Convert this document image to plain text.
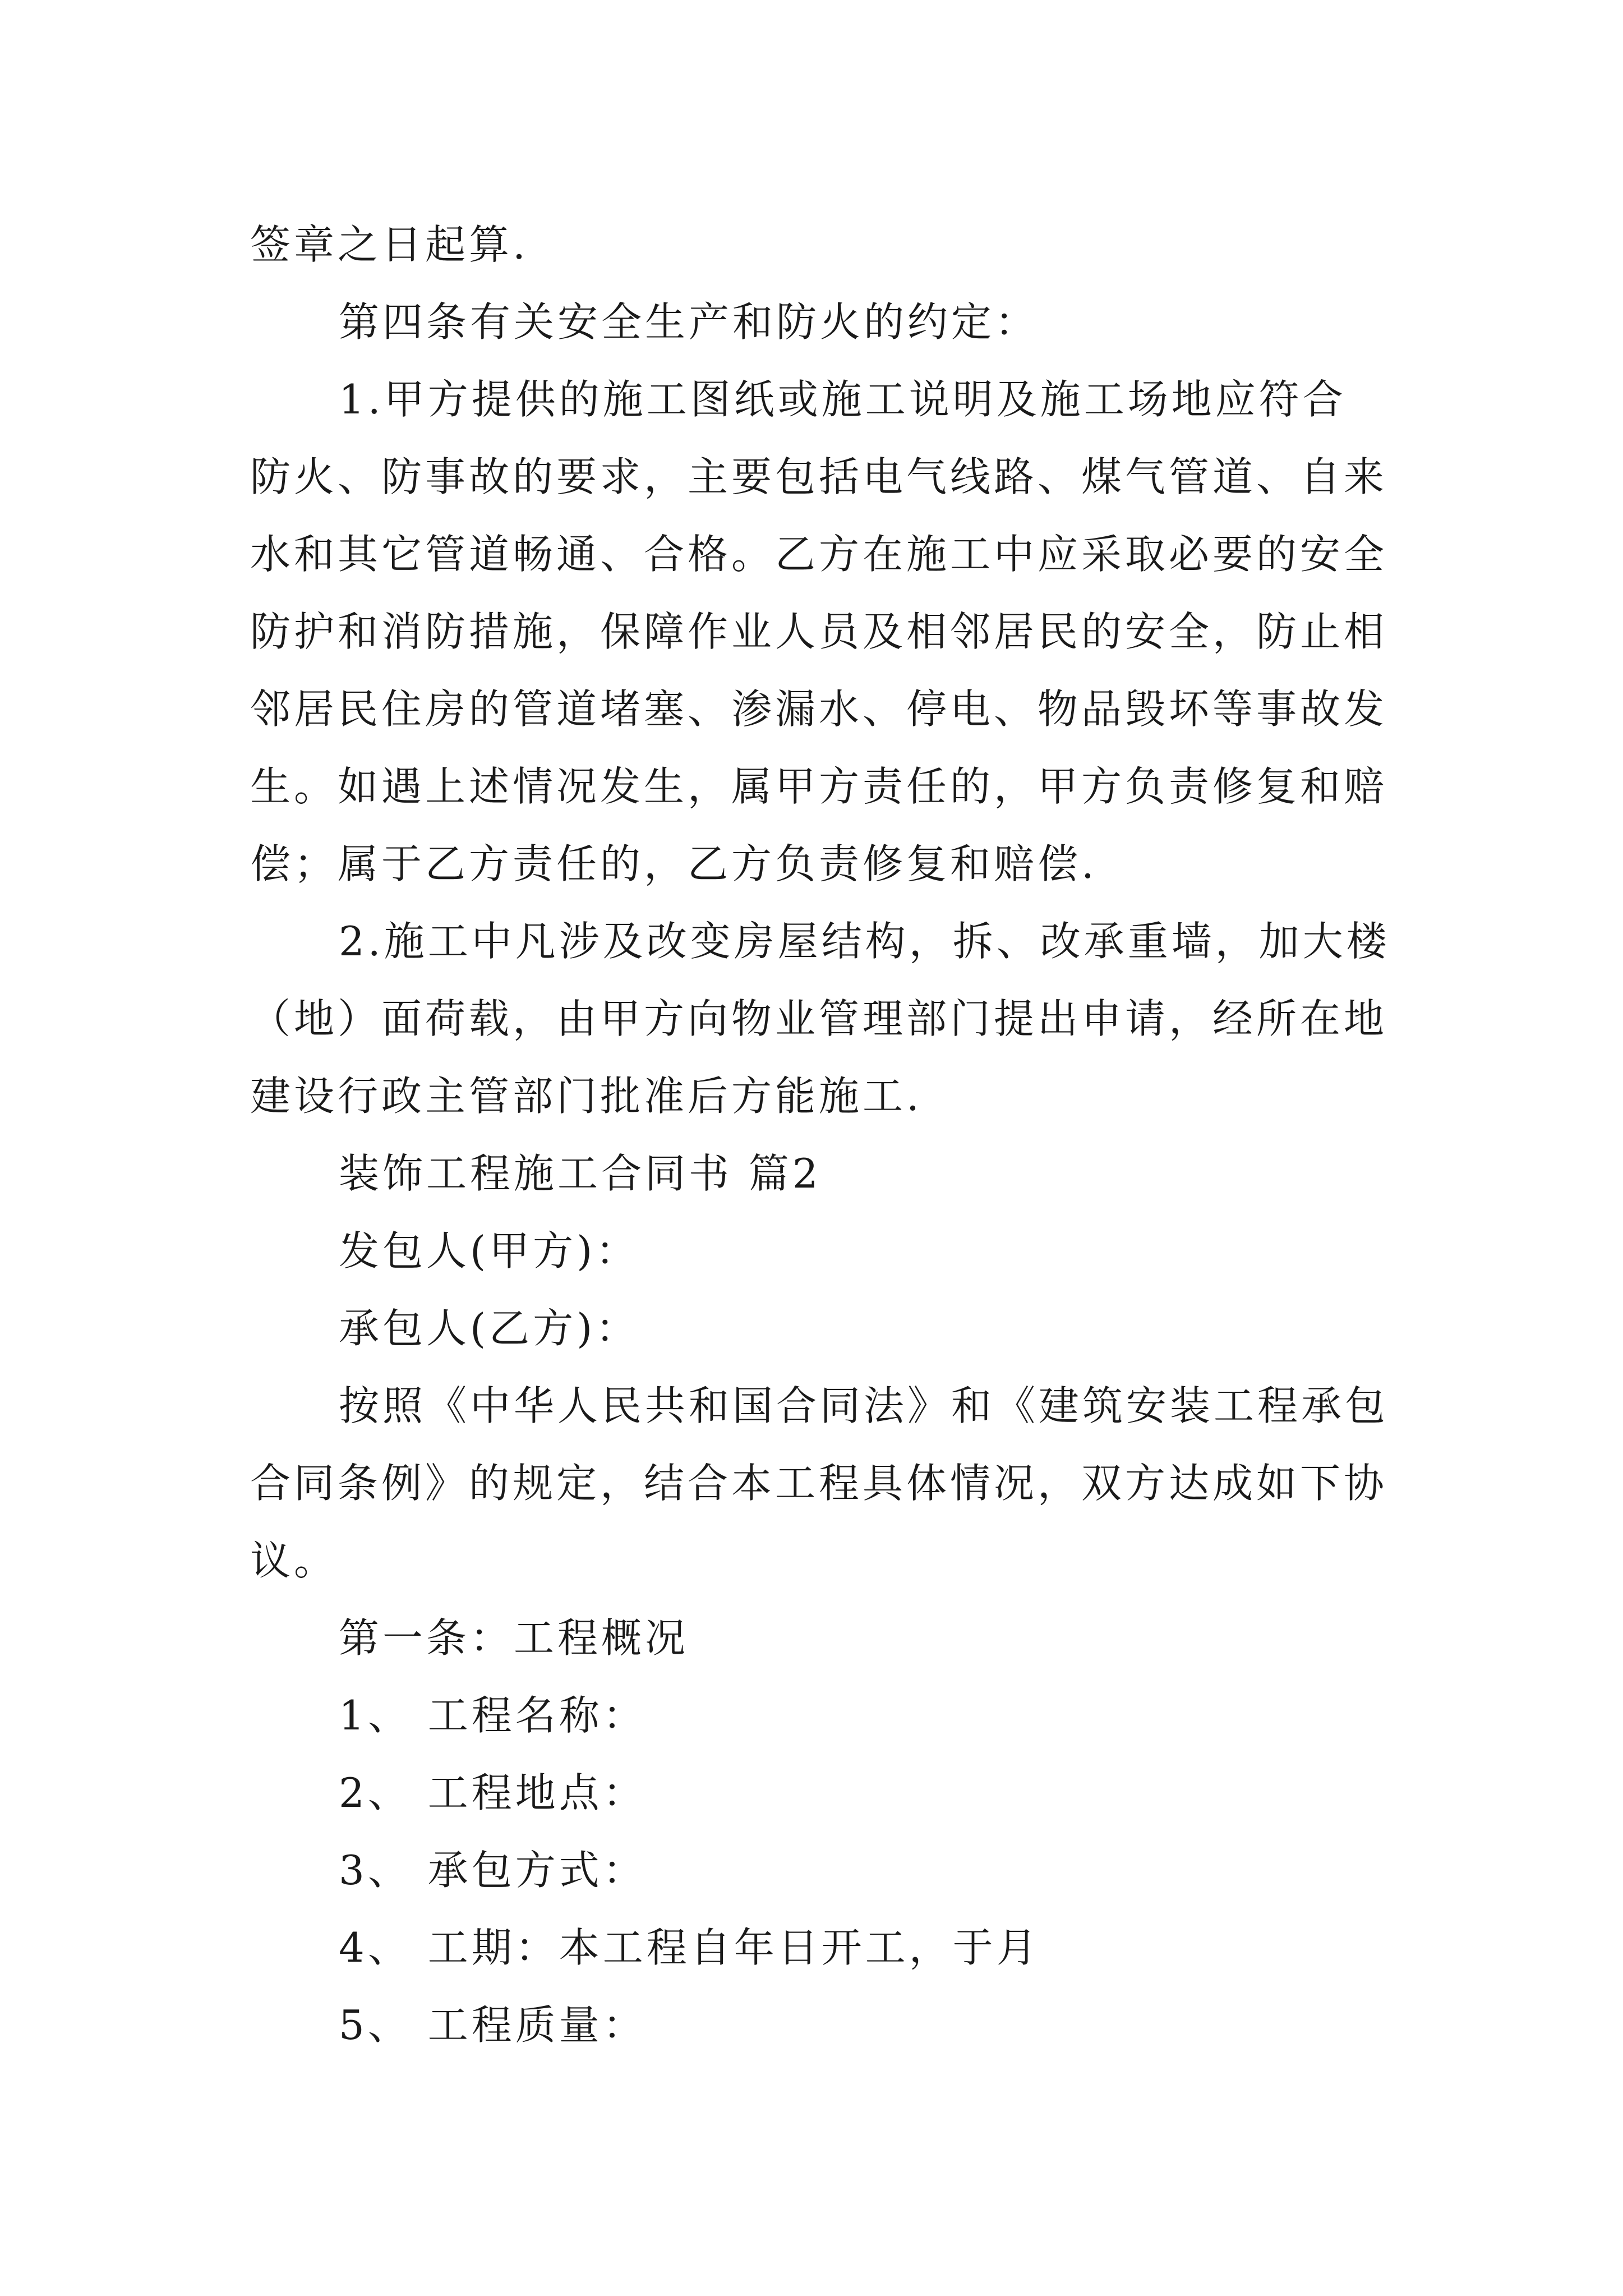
签章之日起算.
第四条有关安全生产和防火的约定：
1.甲方提供的施工图纸或施工说明及施工场地应符合
防火、防事故的要求，主要包括电气线路、煤气管道、自来
水和其它管道畅通、合格。乙方在施工中应采取必要的安全
防护和消防措施，保障作业人员及相邻居民的安全，防止相
邻居民住房的管道堵塞、渗漏水、停电、物品毁坏等事故发
生。如遇上述情况发生，属甲方责任的，甲方负责修复和赔
偿；属于乙方责任的，乙方负责修复和赔偿.
2.施工中凡涉及改变房屋结构，拆、改承重墙，加大楼
（地）面荷载，由甲方向物业管理部门提出申请，经所在地
建设行政主管部门批准后方能施工.
装饰工程施工合同书 篇2
发包人(甲方)：
承包人(乙方)：
按照《中华人民共和国合同法》和《建筑安装工程承包
合同条例》的规定，结合本工程具体情况，双方达成如下协
议。
第一条：工程概况
1、 工程名称：
2、 工程地点：
3、 承包方式：
4、 工期：本工程自年日开工，于月
5、 工程质量：
